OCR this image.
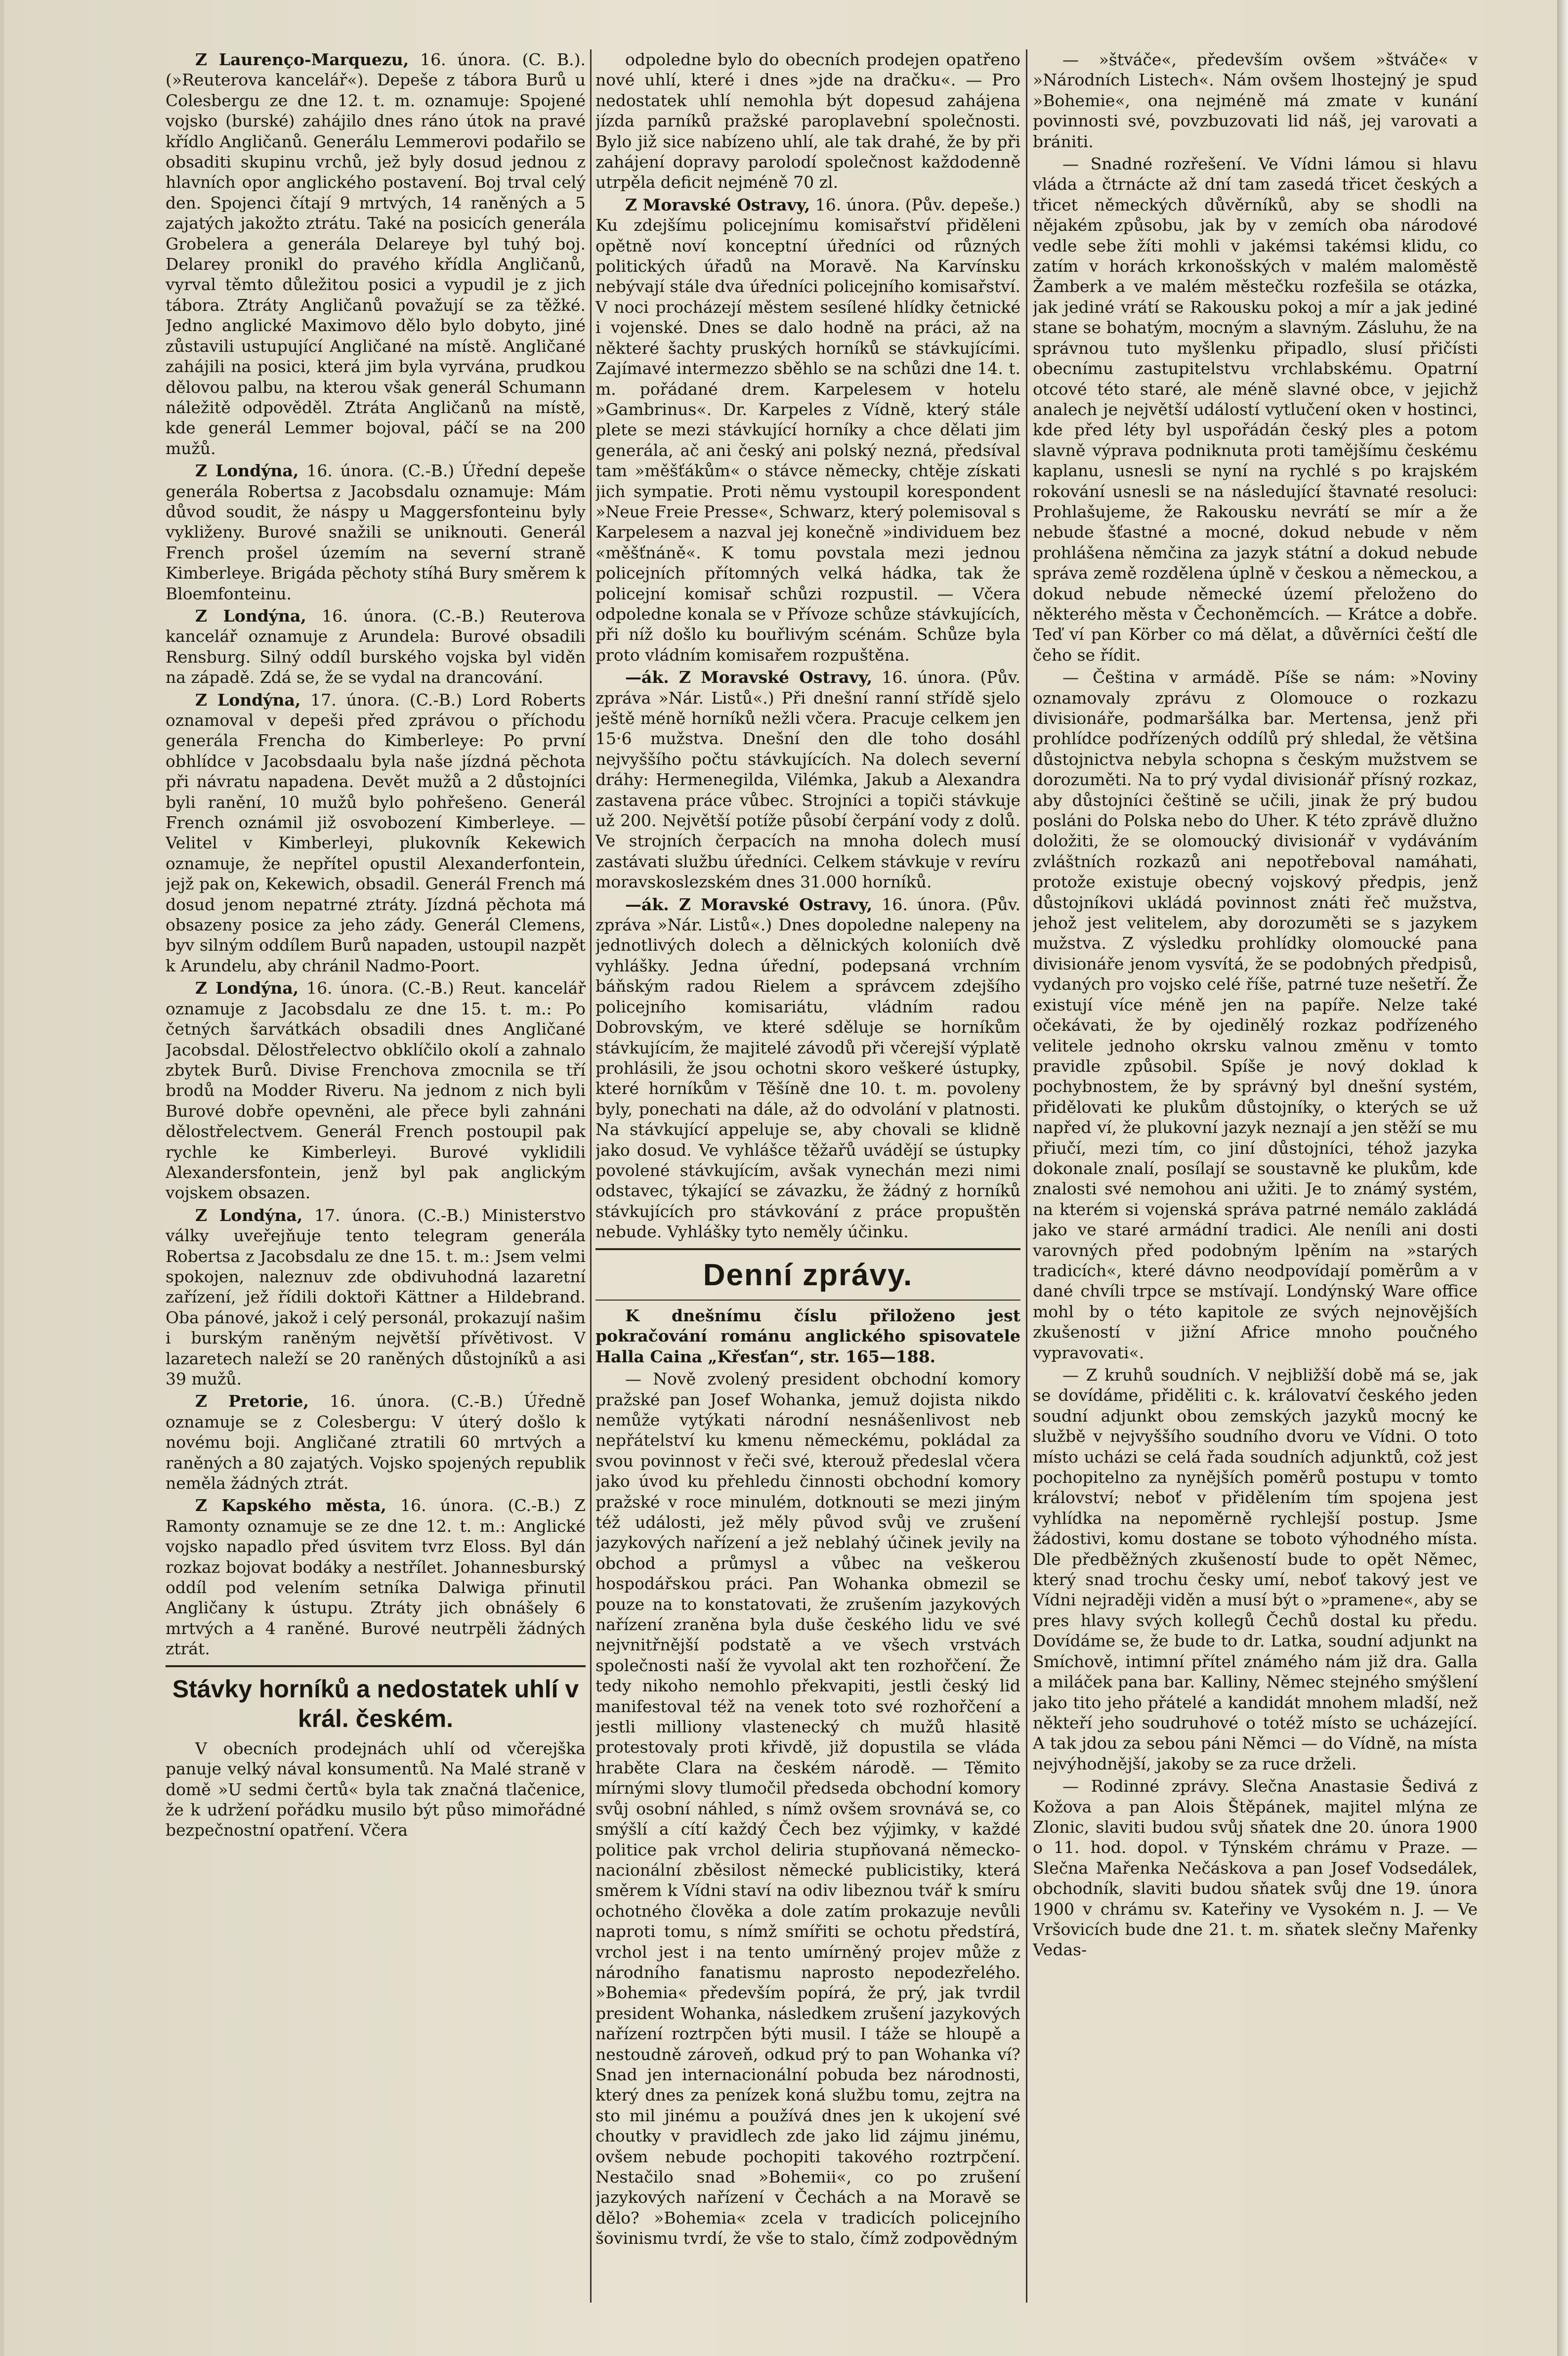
Z Laurenço-Marquezu, 16. února. (C. B.). (»Reuterova kancelář«). Depeše z tábora Burů u Colesbergu ze dne 12. t. m. oznamuje: Spojené vojsko (burské) zahájilo dnes ráno útok na pravé křídlo Angličanů. Generálu Lemmerovi podařilo se obsaditi skupinu vrchů, jež byly dosud jednou z hlavních opor anglického postavení. Boj trval celý den. Spojenci čítají 9 mrtvých, 14 raněných a 5 zajatých jakožto ztrátu. Také na posicích generála Grobelera a generála Delareye byl tuhý boj. Delarey pronikl do pravého křídla Angličanů, vyrval těmto důležitou posici a vypudil je z jich tábora. Ztráty Angličanů považují se za těžké. Jedno anglické Maximovo dělo bylo dobyto, jiné zůstavili ustupující Angličané na místě. Angličané zahájili na posici, která jim byla vyrvána, prudkou dělovou palbu, na kterou však generál Schumann náležitě odpověděl. Ztráta Angličanů na místě, kde generál Lemmer bojoval, páčí se na 200 mužů.

Z Londýna, 16. února. (C.-B.) Úřední depeše generála Robertsa z Jacobsdalu oznamuje: Mám důvod soudit, že náspy u Maggersfonteinu byly vykliženy. Burové snažili se uniknouti. Generál French prošel územím na severní straně Kimberleye. Brigáda pěchoty stíhá Bury směrem k Bloemfonteinu.

Z Londýna, 16. února. (C.-B.) Reuterova kancelář oznamuje z Arundela: Burové obsadili Rensburg. Silný oddíl burského vojska byl viděn na západě. Zdá se, že se vydal na drancování.

Z Londýna, 17. února. (C.-B.) Lord Roberts oznamoval v depeši před zprávou o příchodu generála Frencha do Kimberleye: Po první obhlídce v Jacobsdaalu byla naše jízdná pěchota při návratu napadena. Devět mužů a 2 důstojníci byli ranění, 10 mužů bylo pohřešeno. Generál French oznámil již osvobození Kimberleye. — Velitel v Kimberleyi, plukovník Kekewich oznamuje, že nepřítel opustil Alexanderfontein, jejž pak on, Kekewich, obsadil. Generál French má dosud jenom nepatrné ztráty. Jízdná pěchota má obsazeny posice za jeho zády. Generál Clemens, byv silným oddílem Burů napaden, ustoupil nazpět k Arundelu, aby chránil Nadmo-Poort.

Z Londýna, 16. února. (C.-B.) Reut. kancelář oznamuje z Jacobsdalu ze dne 15. t. m.: Po četných šarvátkách obsadili dnes Angličané Jacobsdal. Dělostřelectvo obklíčilo okolí a zahnalo zbytek Burů. Divise Frenchova zmocnila se tří brodů na Modder Riveru. Na jednom z nich byli Burové dobře opevněni, ale přece byli zahnáni dělostřelectvem. Generál French postoupil pak rychle ke Kimberleyi. Burové vyklidili Alexandersfontein, jenž byl pak anglickým vojskem obsazen.

Z Londýna, 17. února. (C.-B.) Ministerstvo války uveřejňuje tento telegram generála Robertsa z Jacobsdalu ze dne 15. t. m.: Jsem velmi spokojen, naleznuv zde obdivuhodná lazaretní zařízení, jež řídili doktoři Kättner a Hildebrand. Oba pánové, jakož i celý personál, prokazují našim i burským raněným největší přívětivost. V lazaretech naleží se 20 raněných důstojníků a asi 39 mužů.

Z Pretorie, 16. února. (C.-B.) Úředně oznamuje se z Colesbergu: V úterý došlo k novému boji. Angličané ztratili 60 mrtvých a raněných a 80 zajatých. Vojsko spojených republik neměla žádných ztrát.

Z Kapského města, 16. února. (C.-B.) Z Ramonty oznamuje se ze dne 12. t. m.: Anglické vojsko napadlo před úsvitem tvrz Eloss. Byl dán rozkaz bojovat bodáky a nestřílet. Johannesburský oddíl pod velením setníka Dalwiga přinutil Angličany k ústupu. Ztráty jich obnášely 6 mrtvých a 4 raněné. Burové neutrpěli žádných ztrát.

Stávky horníků a nedostatek uhlí v král. českém.

V obecních prodejnách uhlí od včerejška panuje velký nával konsumentů. Na Malé straně v domě »U sedmi čertů« byla tak značná tlačenice, že k udržení pořádku musilo být půso mimořádné bezpečnostní opatření. Včera

odpoledne bylo do obecních prodejen opatřeno nové uhlí, které i dnes »jde na dračku«. — Pro nedostatek uhlí nemohla být dopesud zahájena jízda parníků pražské paroplavební společnosti. Bylo již sice nabízeno uhlí, ale tak drahé, že by při zahájení dopravy parolodí společnost každodenně utrpěla deficit nejméně 70 zl.

Z Moravské Ostravy, 16. února. (Pův. depeše.) Ku zdejšímu policejnímu komisařství přiděleni opětně noví konceptní úředníci od různých politických úřadů na Moravě. Na Karvínsku nebývají stále dva úředníci policejního komisařství. V noci procházejí městem sesílené hlídky četnické i vojenské. Dnes se dalo hodně na práci, až na některé šachty pruských horníků se stávkujícími. Zajímavé intermezzo sběhlo se na schůzi dne 14. t. m. pořádané drem. Karpelesem v hotelu »Gambrinus«. Dr. Karpeles z Vídně, který stále plete se mezi stávkující horníky a chce dělati jim generála, ač ani český ani polský nezná, předsíval tam »měšťákům« o stávce německy, chtěje získati jich sympatie. Proti němu vystoupil korespondent »Neue Freie Presse«, Schwarz, který polemisoval s Karpelesem a nazval jej konečně »individuem bez «měšťnáně«. K tomu povstala mezi jednou policejních přítomných velká hádka, tak že policejní komisař schůzi rozpustil. — Včera odpoledne konala se v Přívoze schůze stávkujících, při níž došlo ku bouřlivým scénám. Schůze byla proto vládním komisařem rozpuštěna.

—ák. Z Moravské Ostravy, 16. února. (Pův. zpráva »Nár. Listů«.) Při dnešní ranní střídě sjelo ještě méně horníků nežli včera. Pracuje celkem jen 15·6 mužstva. Dnešní den dle toho dosáhl nejvyššího počtu stávkujících. Na dolech severní dráhy: Hermenegilda, Vilémka, Jakub a Alexandra zastavena práce vůbec. Strojníci a topiči stávkuje už 200. Největší potíže působí čerpání vody z dolů. Ve strojních čerpacích na mnoha dolech musí zastávati službu úředníci. Celkem stávkuje v revíru moravskoslezském dnes 31.000 horníků.

—ák. Z Moravské Ostravy, 16. února. (Pův. zpráva »Nár. Listů«.) Dnes dopoledne nalepeny na jednotlivých dolech a dělnických koloniích dvě vyhlášky. Jedna úřední, podepsaná vrchním báňským radou Rielem a správcem zdejšího policejního komisariátu, vládním radou Dobrovským, ve které sděluje se horníkům stávkujícím, že majitelé závodů při včerejší výplatě prohlásili, že jsou ochotni skoro veškeré ústupky, které horníkům v Těšíně dne 10. t. m. povoleny byly, ponechati na dále, až do odvolání v platnosti. Na stávkující appeluje se, aby chovali se klidně jako dosud. Ve vyhlášce těžařů uvádějí se ústupky povolené stávkujícím, avšak vynechán mezi nimi odstavec, týkající se závazku, že žádný z horníků stávkujících pro stávkování z práce propuštěn nebude. Vyhlášky tyto neměly účinku.

Denní zprávy.

K dnešnímu číslu přiloženo jest pokračování románu anglického spisovatele Halla Caina „Křesťan“, str. 165—188.

— Nově zvolený president obchodní komory pražské pan Josef Wohanka, jemuž dojista nikdo nemůže vytýkati národní nesnášenlivost neb nepřátelství ku kmenu německému, pokládal za svou povinnost v řeči své, kterouž předeslal včera jako úvod ku přehledu činnosti obchodní komory pražské v roce minulém, dotknouti se mezi jiným též události, jež měly původ svůj ve zrušení jazykových nařízení a jež neblahý účinek jevily na obchod a průmysl a vůbec na veškerou hospodářskou práci. Pan Wohanka obmezil se pouze na to konstatovati, že zrušením jazykových nařízení zraněna byla duše českého lidu ve své nejvnitřnější podstatě a ve všech vrstvách společnosti naší že vyvolal akt ten rozhořčení. Že tedy nikoho nemohlo překvapiti, jestli český lid manifestoval též na venek toto své rozhořčení a jestli milliony vlastenecký ch mužů hlasitě protestovaly proti křivdě, již dopustila se vláda hraběte Clara na českém národě. — Těmito mírnými slovy tlumočil předseda obchodní komory svůj osobní náhled, s nímž ovšem srovnává se, co smýšlí a cítí každý Čech bez výjimky, v každé politice pak vrchol deliria stupňovaná německo-nacionální zběsilost německé publicistiky, která směrem k Vídni staví na odiv libeznou tvář k smíru ochotného člověka a dole zatím prokazuje nevůli naproti tomu, s nímž smířiti se ochotu předstírá, vrchol jest i na tento umírněný projev může z národního fanatismu naprosto nepodezřelého. »Bohemia« především popírá, že prý, jak tvrdil president Wohanka, následkem zrušení jazykových nařízení roztrpčen býti musil. I táže se hloupě a nestoudně zároveň, odkud prý to pan Wohanka ví? Snad jen internacionální pobuda bez národnosti, který dnes za penízek koná službu tomu, zejtra na sto mil jinému a používá dnes jen k ukojení své choutky v pravidlech zde jako lid zájmu jinému, ovšem nebude pochopiti takového roztrpčení. Nestačilo snad »Bohemii«, co po zrušení jazykových nařízení v Čechách a na Moravě se dělo? »Bohemia« zcela v tradicích policejního šovinismu tvrdí, že vše to stalo, čímž zodpovědným

— »štváče«, především ovšem »štváče« v »Národních Listech«. Nám ovšem lhostejný je spud »Bohemie«, ona nejméně má zmate v kunání povinnosti své, povzbuzovati lid náš, jej varovati a brániti.

— Snadné rozřešení. Ve Vídni lámou si hlavu vláda a čtrnácte až dní tam zasedá třicet českých a třicet německých důvěrníků, aby se shodli na nějakém způsobu, jak by v zemích oba národové vedle sebe žíti mohli v jakémsi takémsi klidu, co zatím v horách krkonošských v malém maloměstě Žamberk a ve malém městečku rozfešila se otázka, jak jediné vrátí se Rakousku pokoj a mír a jak jediné stane se bohatým, mocným a slavným. Zásluhu, že na správnou tuto myšlenku připadlo, slusí přičísti obecnímu zastupitelstvu vrchlabskému. Opatrní otcové této staré, ale méně slavné obce, v jejichž analech je největší událostí vytlučení oken v hostinci, kde před léty byl uspořádán český ples a potom slavně výprava podniknuta proti tamějšímu českému kaplanu, usnesli se nyní na rychlé s po krajském rokování usnesli se na následující štavnaté resoluci: Prohlašujeme, že Rakousku nevrátí se mír a že nebude šťastné a mocné, dokud nebude v něm prohlášena němčina za jazyk státní a dokud nebude správa země rozdělena úplně v českou a německou, a dokud nebude německé území přeloženo do některého města v Čechoněmcích. — Krátce a dobře. Teď ví pan Körber co má dělat, a důvěrníci čeští dle čeho se řídit.

— Čeština v armádě. Píše se nám: »Noviny oznamovaly zprávu z Olomouce o rozkazu divisionáře, podmaršálka bar. Mertensa, jenž při prohlídce podřízených oddílů prý shledal, že většina důstojnictva nebyla schopna s českým mužstvem se dorozuměti. Na to prý vydal divisionář přísný rozkaz, aby důstojníci češtině se učili, jinak že prý budou posláni do Polska nebo do Uher. K této zprávě dlužno doložiti, že se olomoucký divisionář v vydáváním zvláštních rozkazů ani nepotřeboval namáhati, protože existuje obecný vojskový předpis, jenž důstojníkovi ukládá povinnost znáti řeč mužstva, jehož jest velitelem, aby dorozuměti se s jazykem mužstva. Z výsledku prohlídky olomoucké pana divisionáře jenom vysvítá, že se podobných předpisů, vydaných pro vojsko celé říše, patrné tuze nešetří. Že existují více méně jen na papíře. Nelze také očekávati, že by ojedinělý rozkaz podřízeného velitele jednoho okrsku valnou změnu v tomto pravidle způsobil. Spíše je nový doklad k pochybnostem, že by správný byl dnešní systém, přidělovati ke plukům důstojníky, o kterých se už napřed ví, že plukovní jazyk neznají a jen stěží se mu přiučí, mezi tím, co jiní důstojníci, téhož jazyka dokonale znalí, posílají se soustavně ke plukům, kde znalosti své nemohou ani užiti. Je to známý systém, na kterém si vojenská správa patrné nemálo zakládá jako ve staré armádní tradici. Ale neníli ani dosti varovných před podobným lpěním na »starých tradicích«, které dávno neodpovídají poměrům a v dané chvíli trpce se mstívají. Londýnský Ware office mohl by o této kapitole ze svých nejnovějších zkušeností v jižní Africe mnoho poučného vypravovati«.

— Z kruhů soudních. V nejbližší době má se, jak se dovídáme, přiděliti c. k. královatví českého jeden soudní adjunkt obou zemských jazyků mocný ke službě v nejvyššího soudního dvoru ve Vídni. O toto místo ucházi se celá řada soudních adjunktů, což jest pochopitelno za nynějších poměrů postupu v tomto království; neboť v přidělením tím spojena jest vyhlídka na nepoměrně rychlejší postup. Jsme žádostivi, komu dostane se toboto výhodného místa. Dle předběžných zkušeností bude to opět Němec, který snad trochu česky umí, neboť takový jest ve Vídni nejraději viděn a musí být o »pramene«, aby se pres hlavy svých kollegů Čechů dostal ku předu. Dovídáme se, že bude to dr. Latka, soudní adjunkt na Smíchově, intimní přítel známého nám již dra. Galla a miláček pana bar. Kalliny, Němec stejného smýšlení jako tito jeho přátelé a kandidát mnohem mladší, než někteří jeho soudruhové o totéž místo se ucházející. A tak jdou za sebou páni Němci — do Vídně, na místa nejvýhodnější, jakoby se za ruce drželi.

— Rodinné zprávy. Slečna Anastasie Šedivá z Kožova a pan Alois Štěpánek, majitel mlýna ze Zlonic, slaviti budou svůj sňatek dne 20. února 1900 o 11. hod. dopol. v Týnském chrámu v Praze. — Slečna Mařenka Nečáskova a pan Josef Vodsedálek, obchodník, slaviti budou sňatek svůj dne 19. února 1900 v chrámu sv. Kateřiny ve Vysokém n. J. — Ve Vršovicích bude dne 21. t. m. sňatek slečny Mařenky Vedas-
